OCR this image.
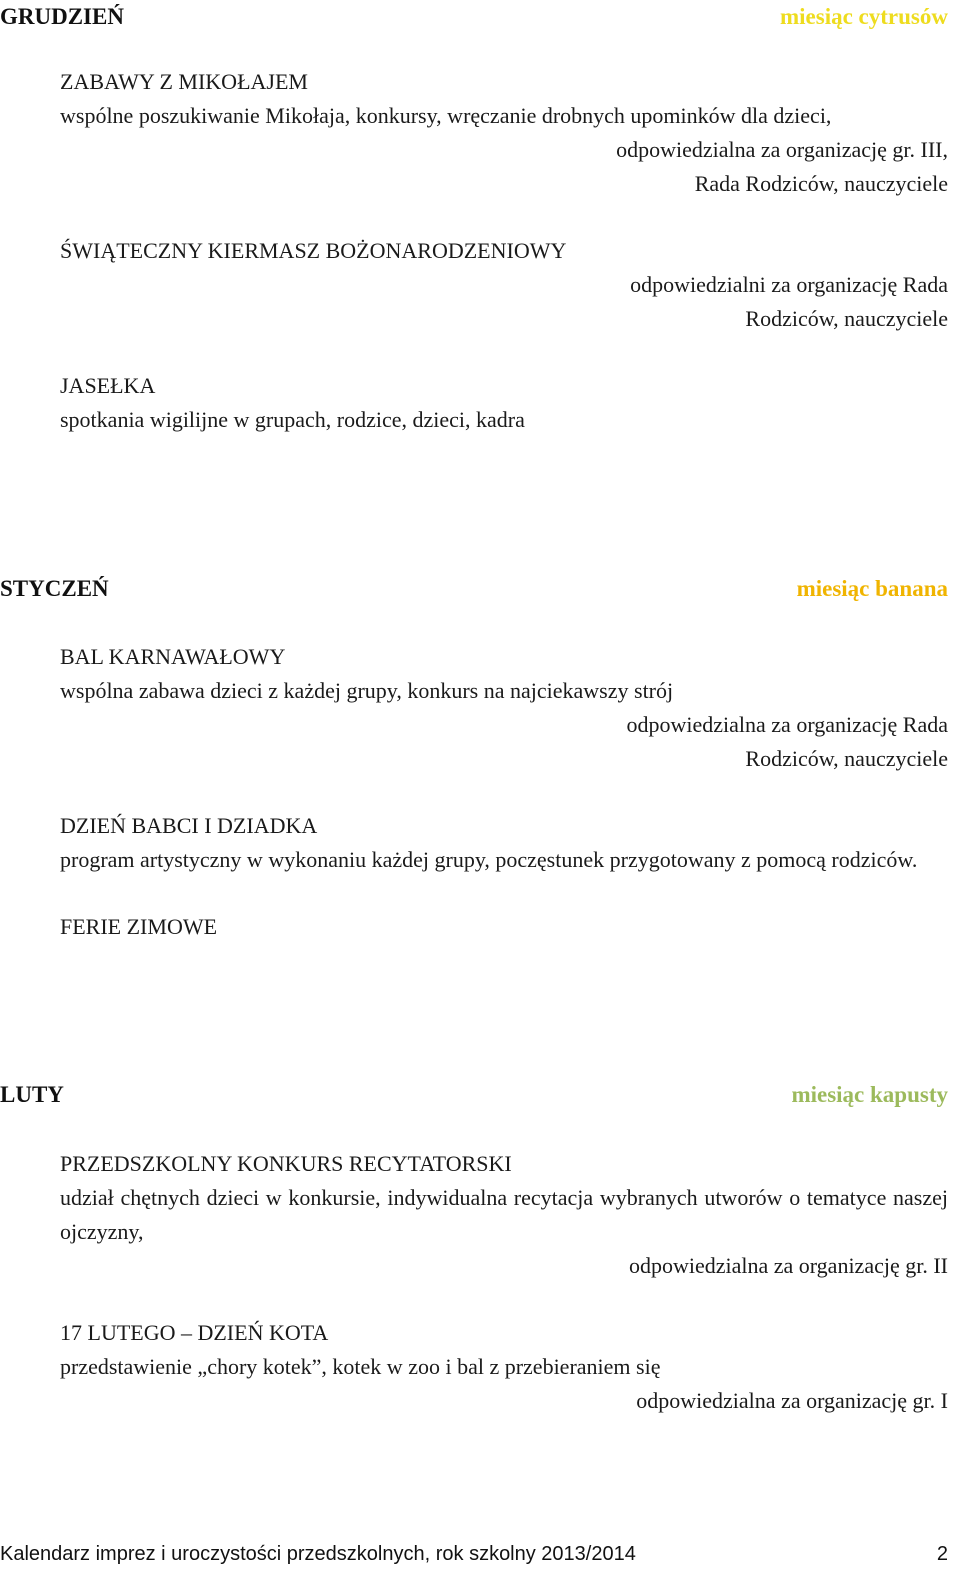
GRUDZIEŃ	miesiąc cytrusów

ZABAWY Z MIKOŁAJEM

wspólne poszukiwanie Mikołaja, konkursy, wręczanie drobnych upominków dla dzieci,

odpowiedzialna za organizację gr. III,

Rada Rodziców, nauczyciele

ŚWIĄTECZNY KIERMASZ BOŻONARODZENIOWY

odpowiedzialni za organizację Rada

Rodziców, nauczyciele

JASEŁKA

spotkania wigilijne w grupach, rodzice, dzieci, kadra

STYCZEŃ	miesiąc banana

BAL KARNAWAŁOWY

wspólna zabawa dzieci z każdej grupy, konkurs na najciekawszy strój

odpowiedzialna za organizację Rada

Rodziców, nauczyciele

DZIEŃ BABCI I DZIADKA

program artystyczny w wykonaniu każdej grupy, poczęstunek przygotowany z pomocą rodziców.

FERIE ZIMOWE

LUTY	miesiąc kapusty

PRZEDSZKOLNY KONKURS RECYTATORSKI

udział chętnych dzieci w konkursie, indywidualna recytacja wybranych utworów o tematyce naszej ojczyzny,

odpowiedzialna za organizację gr. II

17 LUTEGO – DZIEŃ KOTA

przedstawienie „chory kotek”, kotek w zoo i bal z przebieraniem się

odpowiedzialna za organizację gr. I

Kalendarz imprez i uroczystości przedszkolnych, rok szkolny 2013/2014	2
